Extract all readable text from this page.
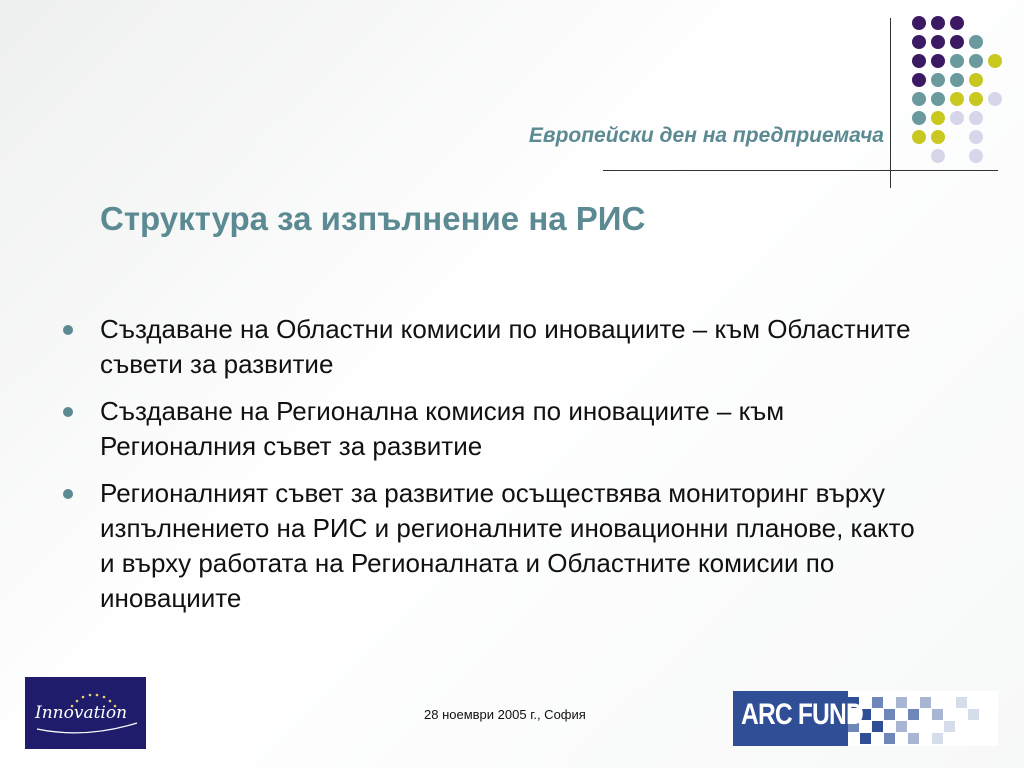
Европейски ден на предприемача

Структура за изпълнение на РИС
Създаване на Областни комисии по иновациите – към Областните съвети за развитие
Създаване на Регионална комисия по иновациите – към Регионалния съвет за развитие
Регионалният съвет за развитие осъществява мониторинг върху изпълнението на РИС и регионалните иновационни планове, както и върху работата на Регионалната и Областните комисии по иновациите
Innovation	28 ноември 2005 г., София	ARC FUND
